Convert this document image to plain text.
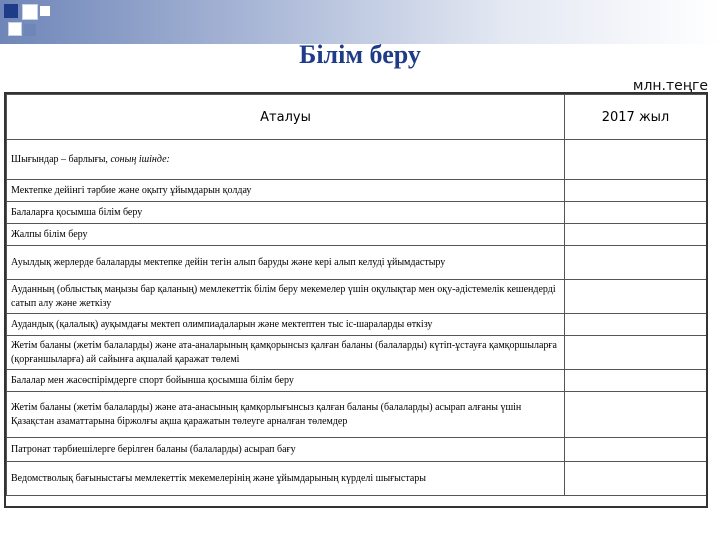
Білім беру
млн.теңге
Аталуы	2017 жыл
Шығындар – барлығы, соның ішінде:	
Мектепке дейінгі тәрбие және оқыту ұйымдарын қолдау	
Балаларға қосымша білім беру	
Жалпы білім беру	
Ауылдық жерлерде балаларды мектепке дейін тегін алып баруды және кері алып келуді ұйымдастыру	
Ауданның (облыстық маңызы бар қаланың) мемлекеттік білім беру мекемелер үшін оқулықтар мен оқу-әдістемелік кешендерді сатып алу және жеткізу	
Аудандық (қалалық) ауқымдағы мектеп олимпиадаларын және мектептен тыс іс-шараларды өткізу	
Жетім баланы (жетім балаларды) және ата-аналарының қамқорынсыз қалған баланы (балаларды) күтіп-ұстауға қамқоршыларға (қорғаншыларға) ай сайынға ақшалай қаражат төлемі	
Балалар мен жасөспірімдерге спорт бойынша қосымша білім беру	
Жетім баланы (жетім балаларды) және ата-анасының қамқорлығынсыз қалған баланы (балаларды) асырап алғаны үшін Қазақстан азаматтарына біржолғы ақша қаражатын төлеуге арналған төлемдер	
Патронат тәрбиешілерге берілген баланы (балаларды) асырап бағу	
Ведомстволық бағыныстағы мемлекеттік мекемелерінің және ұйымдарының күрделі шығыстары	
